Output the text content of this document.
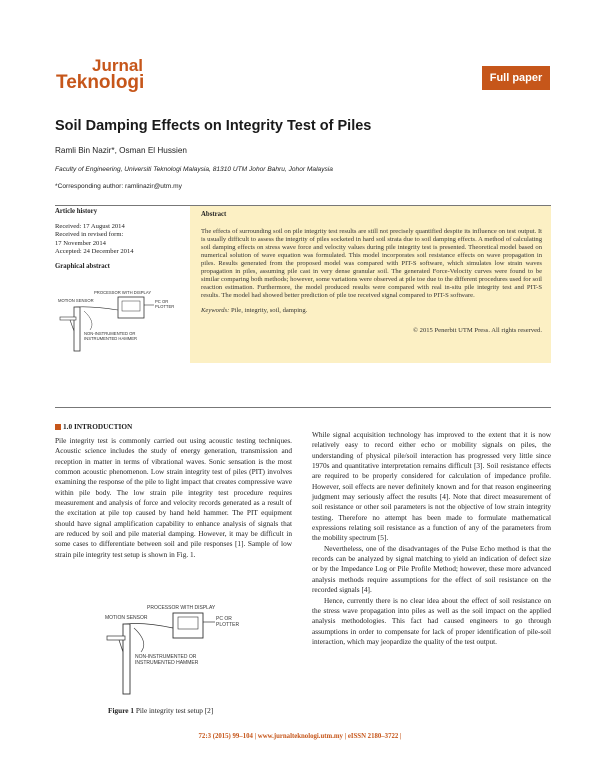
Jurnal
Teknologi	Full paper
Soil Damping Effects on Integrity Test of Piles
Ramli Bin Nazir*, Osman El Hussien
Faculty of Engineering, Universiti Teknologi Malaysia, 81310 UTM Johor Bahru, Johor Malaysia
*Corresponding author: ramlinazir@utm.my
Article history
Received: 17 August 2014
Received in revised form:
17 November 2014
Accepted: 24 December 2014
Graphical abstract
PROCESSOR WITH DISPLAY
PC OR
PLOTTER
MOTION SENSOR
NON-INSTRUMENTED OR
INSTRUMENTED HAMMER
Abstract

The effects of surrounding soil on pile integrity test results are still not precisely quantified despite its influence on test output. It is usually difficult to assess the integrity of piles socketed in hard soil strata due to soil damping effects. A method of calculating soil damping effects on stress wave force and velocity values during pile integrity test is presented. Theoretical model based on numerical solution of wave equation was formulated. This model incorporates soil resistance effects on wave propagation in piles. Results generated from the proposed model was compared with PIT-S software, which simulates low strain waves propagation in piles, assuming pile cast in very dense granular soil. The generated Force-Velocity curves were found to be similar comparing both methods; however, some variations were observed at pile toe due to the different procedures used for soil reaction estimation. Furthermore, the model produced results were compared with real in-situ pile integrity test and PIT-S results. The model had showed better prediction of pile toe received signal compared to PIT-S software.

Keywords: Pile, integrity, soil, damping.

© 2015 Penerbit UTM Press. All rights reserved.

1.0 INTRODUCTION

Pile integrity test is commonly carried out using acoustic testing techniques. Acoustic science includes the study of energy generation, transmission and reception in matter in terms of vibrational waves. Sonic sensation is the most common acoustic phenomenon. Low strain integrity test of piles (PIT) involves examining the response of the pile to light impact that creates compressive wave within pile body. The low strain pile integrity test procedure requires measurement and analysis of force and velocity records generated as a result of the excitation at pile top caused by hand held hammer. The PIT equipment should have signal amplification capability to enhance analysis of signals that are reduced by soil and pile material damping. However, it may be difficult in some cases to differentiate between soil and pile responses [1]. Sample of low strain pile integrity test setup is shown in Fig. 1.

PROCESSOR WITH DISPLAY
PC OR
PLOTTER
MOTION SENSOR
NON-INSTRUMENTED OR
INSTRUMENTED HAMMER
Figure 1 Pile integrity test setup [2]

While signal acquisition technology has improved to the extent that it is now relatively easy to record either echo or mobility signals on piles, the understanding of physical pile/soil interaction has progressed very little since 1970s and quantitative interpretation remains difficult [3]. Soil resistance effects are required to be properly considered for calculation of impedance profile. However, soil effects are never definitely known and for that reason engineering judgment may seriously affect the results [4]. Note that direct measurement of soil resistance or other soil parameters is not the objective of low strain integrity testing. Therefore no attempt has been made to formulate mathematical expressions relating soil resistance as a function of any of the parameters from the mobility spectrum [5].

Nevertheless, one of the disadvantages of the Pulse Echo method is that the records can be analyzed by signal matching to yield an indication of defect size or by the Impedance Log or Pile Profile Method; however, these more advanced analysis methods require assumptions for the effect of soil resistance on the recorded signals [4].

Hence, currently there is no clear idea about the effect of soil resistance on the stress wave propagation into piles as well as the soil impact on the applied analysis methodologies. This fact had caused engineers to go through assumptions in order to compensate for lack of proper identification of pile-soil interaction, which may jeopardize the quality of the test output.

72:3 (2015) 99–104 | www.jurnalteknologi.utm.my | eISSN 2180–3722 |
